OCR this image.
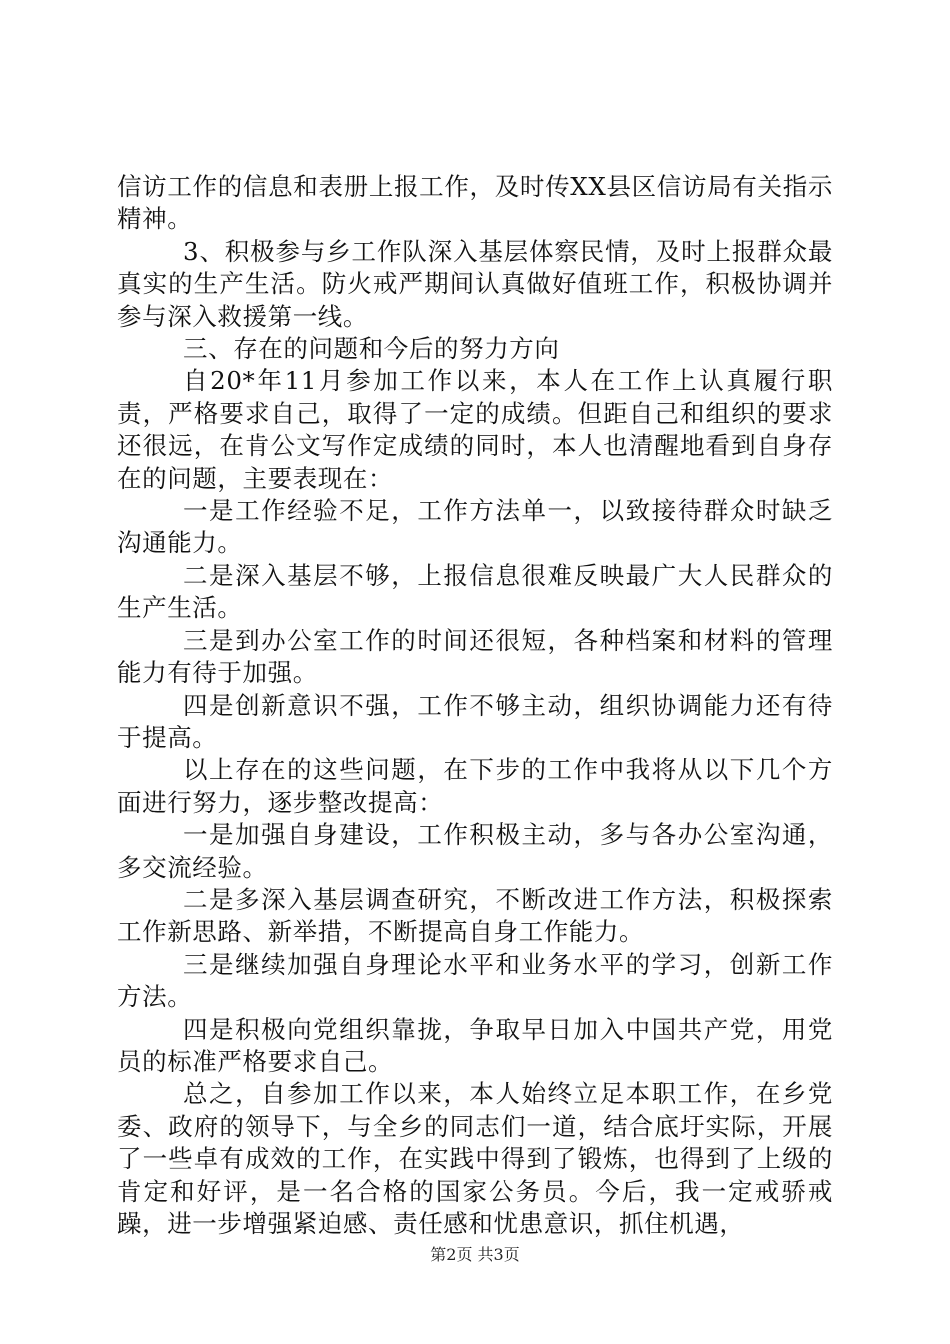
信访工作的信息和表册上报工作，及时传XX县区信访局有关指示精神。

3、积极参与乡工作队深入基层体察民情，及时上报群众最真实的生产生活。防火戒严期间认真做好值班工作，积极协调并参与深入救援第一线。

三、存在的问题和今后的努力方向

自20*年11月参加工作以来，本人在工作上认真履行职责，严格要求自己，取得了一定的成绩。但距自己和组织的要求还很远，在肯公文写作定成绩的同时，本人也清醒地看到自身存在的问题，主要表现在：

一是工作经验不足，工作方法单一，以致接待群众时缺乏沟通能力。

二是深入基层不够，上报信息很难反映最广大人民群众的生产生活。

三是到办公室工作的时间还很短，各种档案和材料的管理能力有待于加强。

四是创新意识不强，工作不够主动，组织协调能力还有待于提高。

以上存在的这些问题，在下步的工作中我将从以下几个方面进行努力，逐步整改提高：

一是加强自身建设，工作积极主动，多与各办公室沟通，多交流经验。

二是多深入基层调查研究，不断改进工作方法，积极探索工作新思路、新举措，不断提高自身工作能力。

三是继续加强自身理论水平和业务水平的学习，创新工作方法。

四是积极向党组织靠拢，争取早日加入中国共产党，用党员的标准严格要求自己。

总之，自参加工作以来，本人始终立足本职工作，在乡党委、政府的领导下，与全乡的同志们一道，结合底圩实际，开展了一些卓有成效的工作，在实践中得到了锻炼，也得到了上级的肯定和好评，是一名合格的国家公务员。今后，我一定戒骄戒躁，进一步增强紧迫感、责任感和忧患意识，抓住机遇，

第2页 共3页
